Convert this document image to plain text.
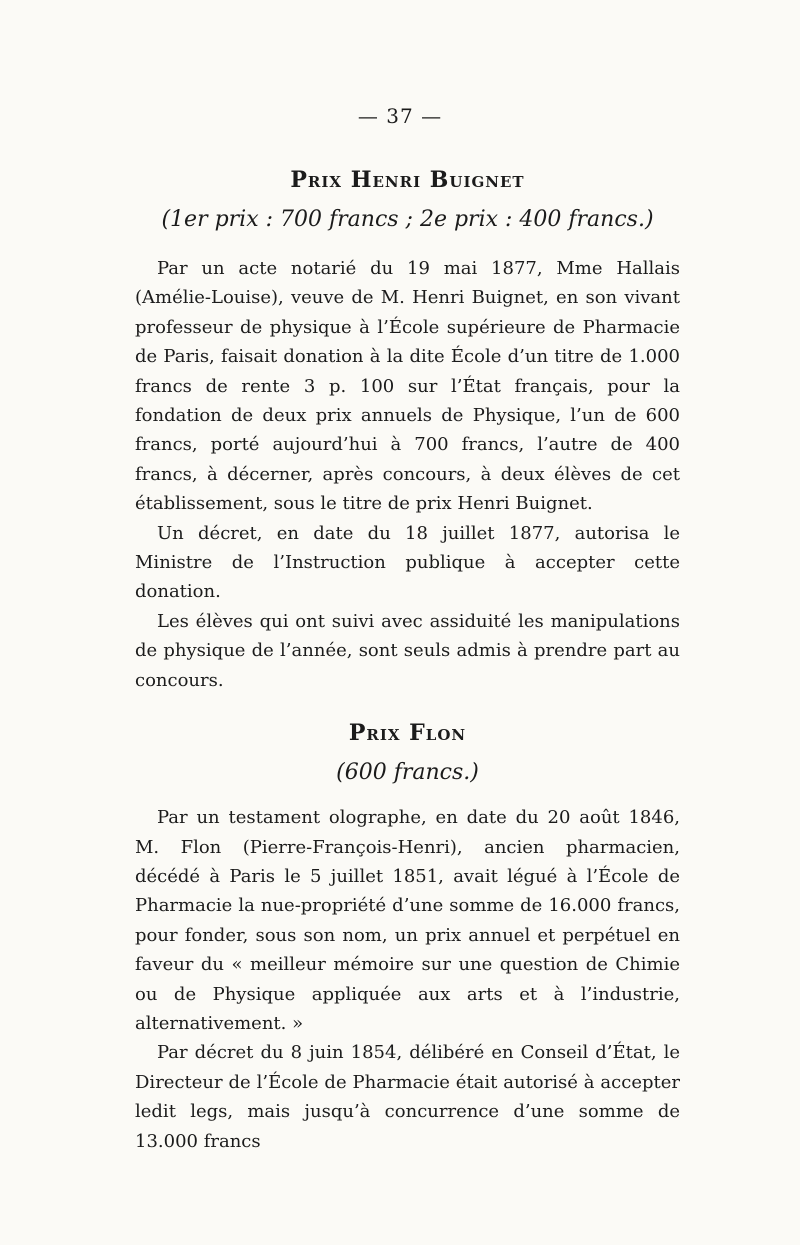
— 37 —
Prix Henri Buignet

(1er prix : 700 francs ; 2e prix : 400 francs.)

Par un acte notarié du 19 mai 1877, Mme Hallais (Amélie-Louise), veuve de M. Henri Buignet, en son vivant professeur de physique à l’École supérieure de Pharmacie de Paris, faisait donation à la dite École d’un titre de 1.000 francs de rente 3 p. 100 sur l’État français, pour la fondation de deux prix annuels de Physique, l’un de 600 francs, porté aujourd’hui à 700 francs, l’autre de 400 francs, à décerner, après concours, à deux élèves de cet établissement, sous le titre de prix Henri Buignet.

Un décret, en date du 18 juillet 1877, autorisa le Ministre de l’Instruction publique à accepter cette donation.

Les élèves qui ont suivi avec assiduité les manipulations de physique de l’année, sont seuls admis à prendre part au concours.

Prix Flon

(600 francs.)

Par un testament olographe, en date du 20 août 1846, M. Flon (Pierre-François-Henri), ancien pharmacien, décédé à Paris le 5 juillet 1851, avait légué à l’École de Pharmacie la nue-propriété d’une somme de 16.000 francs, pour fonder, sous son nom, un prix annuel et perpétuel en faveur du « meilleur mémoire sur une question de Chimie ou de Physique appliquée aux arts et à l’industrie, alternativement. »

Par décret du 8 juin 1854, délibéré en Conseil d’État, le Directeur de l’École de Pharmacie était autorisé à accepter ledit legs, mais jusqu’à concurrence d’une somme de 13.000 francs
